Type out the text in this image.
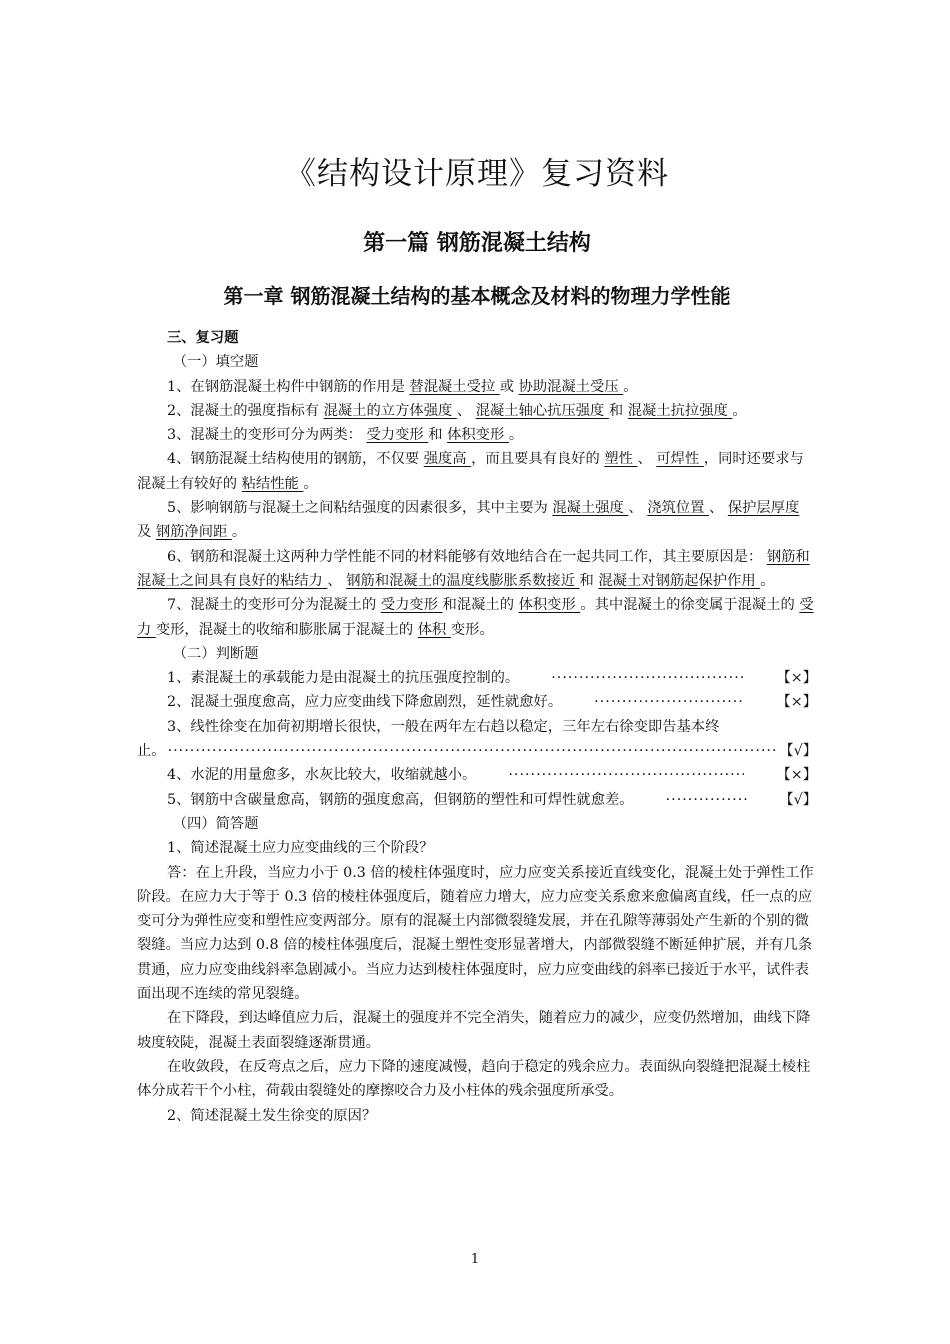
《结构设计原理》复习资料
第一篇 钢筋混凝土结构
第一章 钢筋混凝土结构的基本概念及材料的物理力学性能

三、复习题

（一）填空题

1、在钢筋混凝土构件中钢筋的作用是 替混凝土受拉 或 协助混凝土受压 。

2、混凝土的强度指标有 混凝土的立方体强度 、 混凝土轴心抗压强度 和 混凝土抗拉强度 。

3、混凝土的变形可分为两类： 受力变形 和 体积变形 。

4、钢筋混凝土结构使用的钢筋，不仅要 强度高 ，而且要具有良好的 塑性 、 可焊性 ，同时还要求与混凝土有较好的 粘结性能 。

5、影响钢筋与混凝土之间粘结强度的因素很多，其中主要为 混凝土强度 、 浇筑位置 、 保护层厚度 及 钢筋净间距 。

6、钢筋和混凝土这两种力学性能不同的材料能够有效地结合在一起共同工作，其主要原因是： 钢筋和混凝土之间具有良好的粘结力 、 钢筋和混凝土的温度线膨胀系数接近 和 混凝土对钢筋起保护作用 。

7、混凝土的变形可分为混凝土的 受力变形 和混凝土的 体积变形 。其中混凝土的徐变属于混凝土的 受力 变形，混凝土的收缩和膨胀属于混凝土的 体积 变形。

（二）判断题

1、素混凝土的承载能力是由混凝土的抗压强度控制的。 ·····	【×】

2、混凝土强度愈高，应力应变曲线下降愈剧烈，延性就愈好。 ·····	【×】

3、线性徐变在加荷初期增长很快，一般在两年左右趋以稳定，三年左右徐变即告基本终

止。 ·····	【√】

4、水泥的用量愈多，水灰比较大，收缩就越小。 ·····	【×】

5、钢筋中含碳量愈高，钢筋的强度愈高，但钢筋的塑性和可焊性就愈差。 ·····	【√】

（四）简答题

1、简述混凝土应力应变曲线的三个阶段？

答：在上升段，当应力小于 0.3 倍的棱柱体强度时，应力应变关系接近直线变化，混凝土处于弹性工作阶段。在应力大于等于 0.3 倍的棱柱体强度后，随着应力增大，应力应变关系愈来愈偏离直线，任一点的应变可分为弹性应变和塑性应变两部分。原有的混凝土内部微裂缝发展，并在孔隙等薄弱处产生新的个别的微裂缝。当应力达到 0.8 倍的棱柱体强度后，混凝土塑性变形显著增大，内部微裂缝不断延伸扩展，并有几条贯通，应力应变曲线斜率急剧减小。当应力达到棱柱体强度时，应力应变曲线的斜率已接近于水平，试件表面出现不连续的常见裂缝。

在下降段，到达峰值应力后，混凝土的强度并不完全消失，随着应力的减少，应变仍然增加，曲线下降坡度较陡，混凝土表面裂缝逐渐贯通。

在收敛段，在反弯点之后，应力下降的速度减慢，趋向于稳定的残余应力。表面纵向裂缝把混凝土棱柱体分成若干个小柱，荷载由裂缝处的摩擦咬合力及小柱体的残余强度所承受。

2、简述混凝土发生徐变的原因？

1
